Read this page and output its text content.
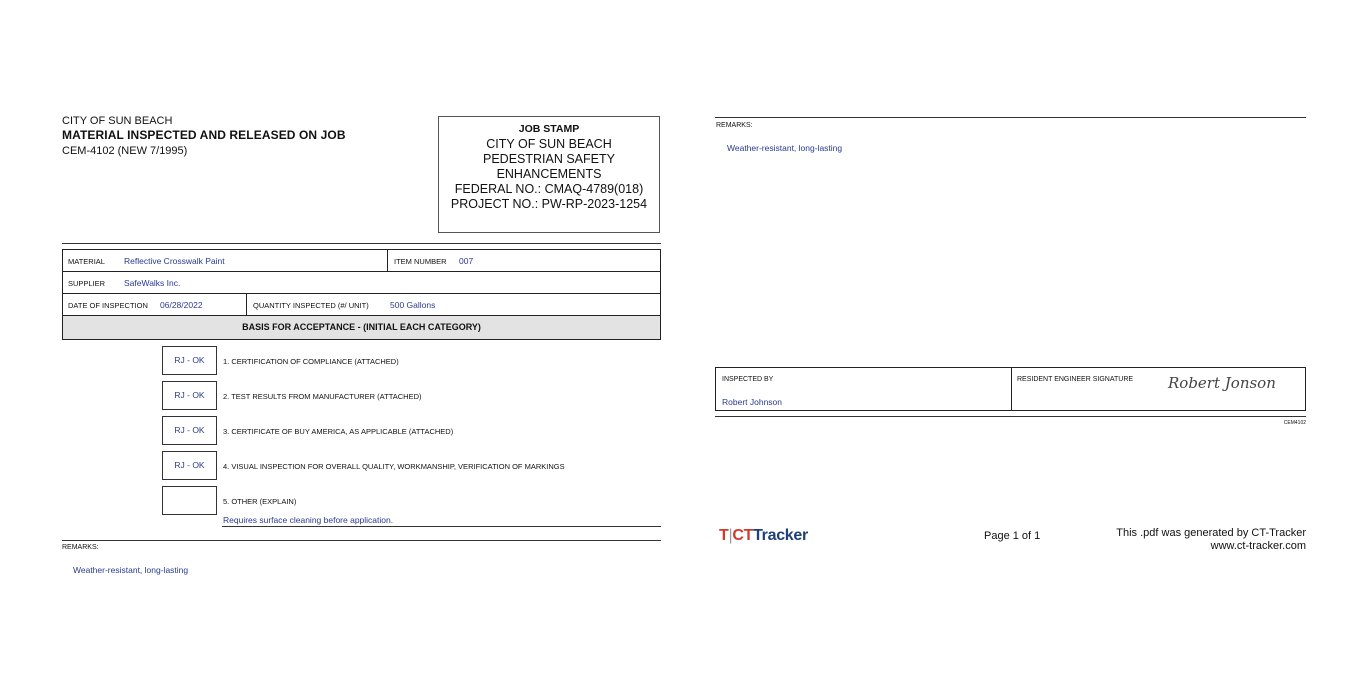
CITY OF SUN BEACH
MATERIAL INSPECTED AND RELEASED ON JOB
CEM-4102 (NEW 7/1995)
JOB STAMP
CITY OF SUN BEACH
PEDESTRIAN SAFETY
ENHANCEMENTS
FEDERAL NO.: CMAQ-4789(018)
PROJECT NO.: PW-RP-2023-1254
MATERIAL Reflective Crosswalk Paint	ITEM NUMBER 007
SUPPLIER SafeWalks Inc.
DATE OF INSPECTION 06/28/2022	QUANTITY INSPECTED (#/ UNIT)	500 Gallons
BASIS FOR ACCEPTANCE - (INITIAL EACH CATEGORY)
RJ - OK	1. CERTIFICATION OF COMPLIANCE (ATTACHED)
RJ - OK	2. TEST RESULTS FROM MANUFACTURER (ATTACHED)
RJ - OK	3. CERTIFICATE OF BUY AMERICA, AS APPLICABLE (ATTACHED)
RJ - OK	4. VISUAL INSPECTION FOR OVERALL QUALITY, WORKMANSHIP, VERIFICATION OF MARKINGS
5. OTHER (EXPLAIN)
Requires surface cleaning before application.
REMARKS:
Weather-resistant, long-lasting
REMARKS:
Weather-resistant, long-lasting
INSPECTED BY
Robert Johnson
RESIDENT ENGINEER SIGNATURE Robert Jonson
CEM4102
T|CTTracker	Page 1 of 1	This .pdf was generated by CT-Tracker
www.ct-tracker.com
